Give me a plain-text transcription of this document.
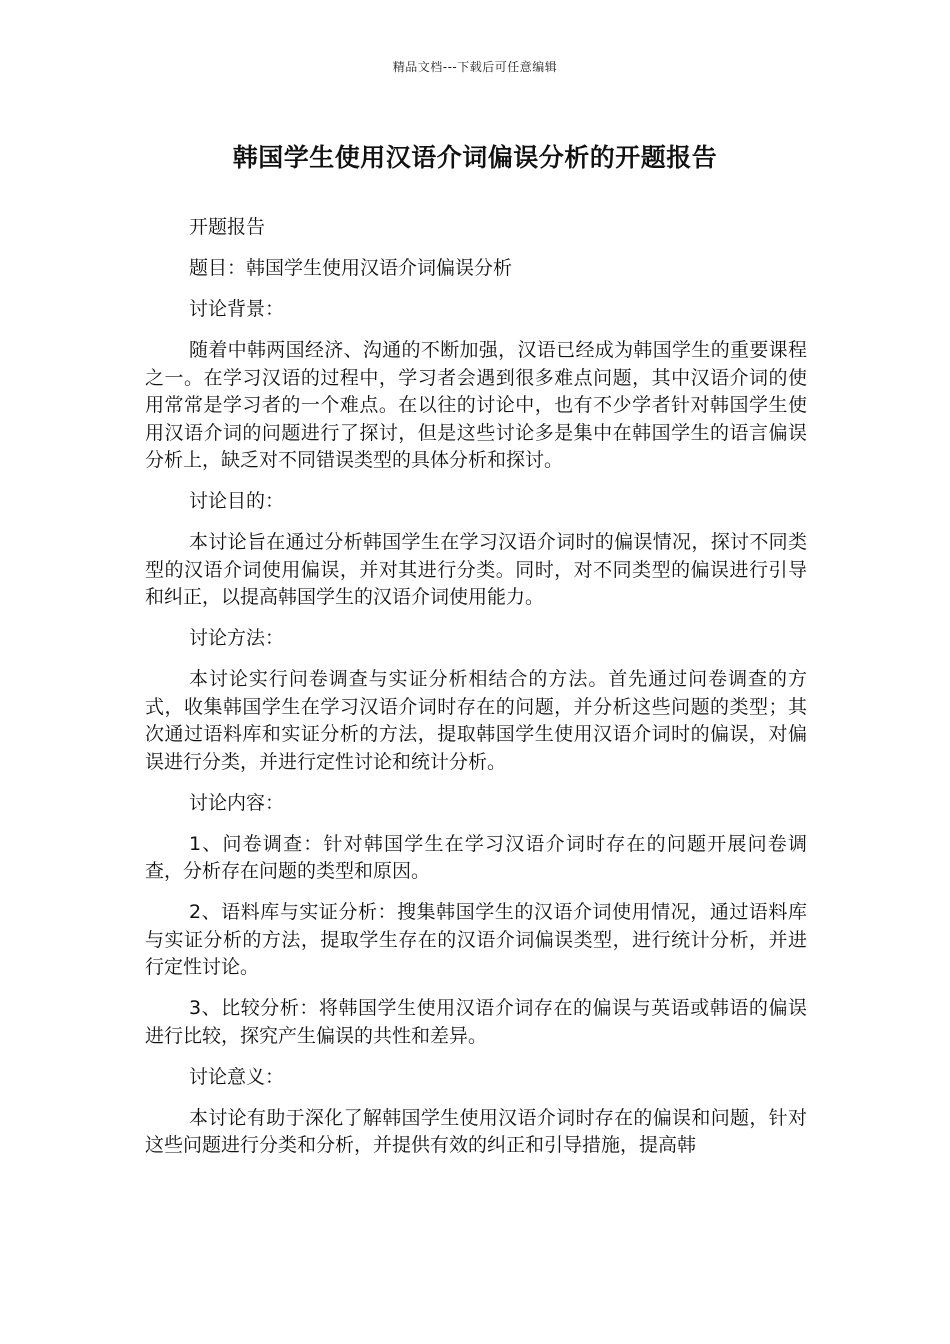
精品文档---下载后可任意编辑
韩国学生使用汉语介词偏误分析的开题报告

开题报告

题目：韩国学生使用汉语介词偏误分析

讨论背景：

随着中韩两国经济、沟通的不断加强，汉语已经成为韩国学生的重要课程之一。在学习汉语的过程中，学习者会遇到很多难点问题，其中汉语介词的使用常常是学习者的一个难点。在以往的讨论中，也有不少学者针对韩国学生使用汉语介词的问题进行了探讨，但是这些讨论多是集中在韩国学生的语言偏误分析上，缺乏对不同错误类型的具体分析和探讨。

讨论目的：

本讨论旨在通过分析韩国学生在学习汉语介词时的偏误情况，探讨不同类型的汉语介词使用偏误，并对其进行分类。同时，对不同类型的偏误进行引导和纠正，以提高韩国学生的汉语介词使用能力。

讨论方法：

本讨论实行问卷调查与实证分析相结合的方法。首先通过问卷调查的方式，收集韩国学生在学习汉语介词时存在的问题，并分析这些问题的类型；其次通过语料库和实证分析的方法，提取韩国学生使用汉语介词时的偏误，对偏误进行分类，并进行定性讨论和统计分析。

讨论内容：

1、问卷调查：针对韩国学生在学习汉语介词时存在的问题开展问卷调查，分析存在问题的类型和原因。

2、语料库与实证分析：搜集韩国学生的汉语介词使用情况，通过语料库与实证分析的方法，提取学生存在的汉语介词偏误类型，进行统计分析，并进行定性讨论。

3、比较分析：将韩国学生使用汉语介词存在的偏误与英语或韩语的偏误进行比较，探究产生偏误的共性和差异。

讨论意义：

本讨论有助于深化了解韩国学生使用汉语介词时存在的偏误和问题，针对这些问题进行分类和分析，并提供有效的纠正和引导措施，提高韩
